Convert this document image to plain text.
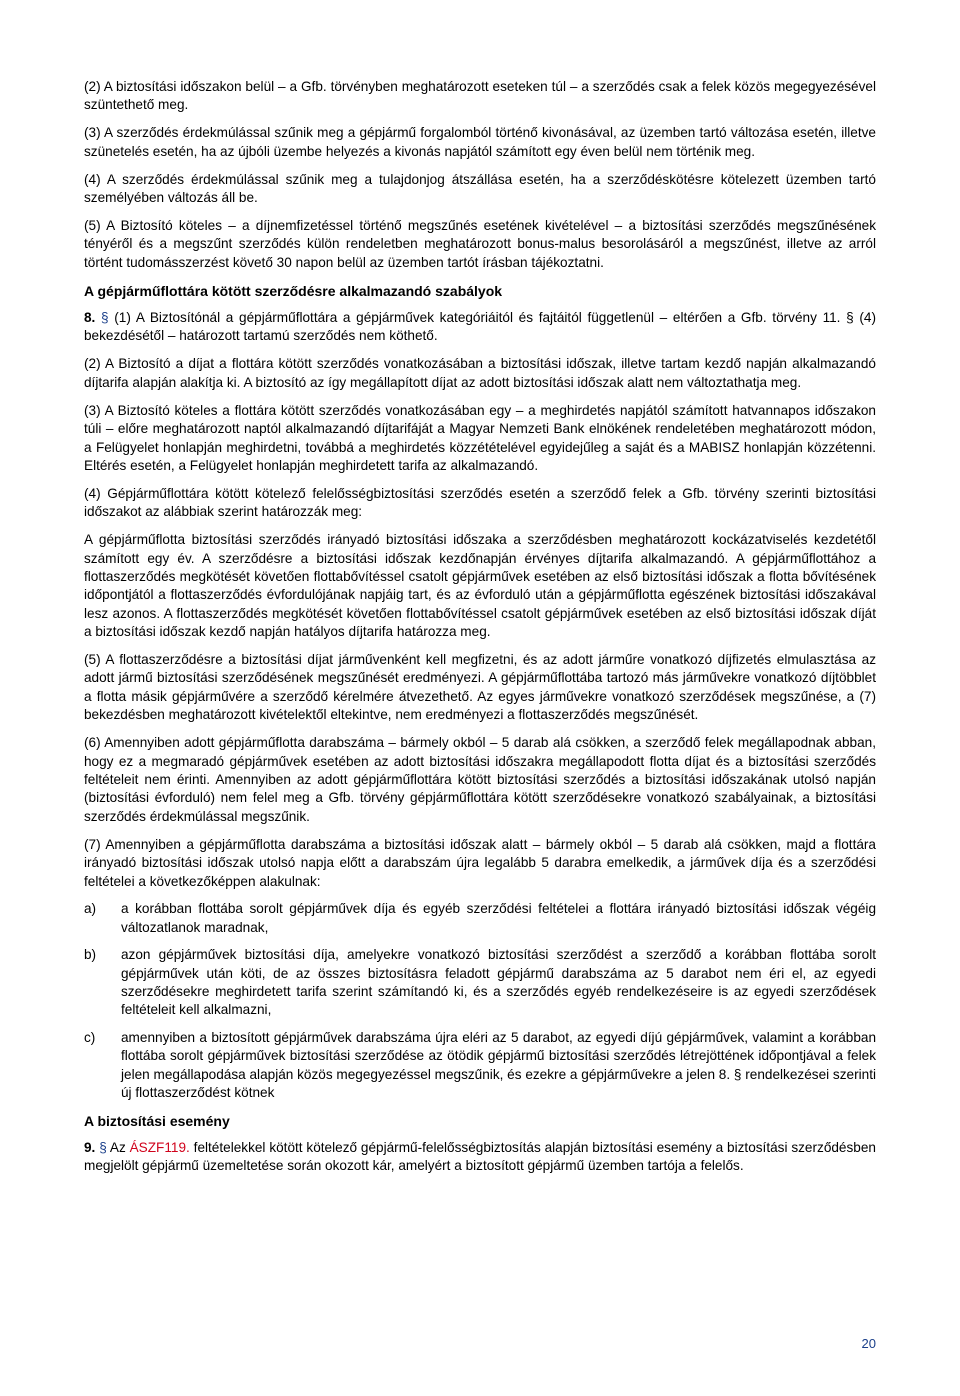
(2) A biztosítási időszakon belül – a Gfb. törvényben meghatározott eseteken túl – a szerződés csak a felek közös megegyezésével szüntethető meg.

(3) A szerződés érdekmúlással szűnik meg a gépjármű forgalomból történő kivonásával, az üzemben tartó változása esetén, illetve szünetelés esetén, ha az újbóli üzembe helyezés a kivonás napjától számított egy éven belül nem történik meg.

(4) A szerződés érdekmúlással szűnik meg a tulajdonjog átszállása esetén, ha a szerződéskötésre kötelezett üzemben tartó személyében változás áll be.

(5) A Biztosító köteles – a díjnemfizetéssel történő megszűnés esetének kivételével – a biztosítási szerződés megszűnésének tényéről és a megszűnt szerződés külön rendeletben meghatározott bonus-malus besorolásáról a megszűnést, illetve az arról történt tudomásszerzést követő 30 napon belül az üzemben tartót írásban tájékoztatni.

A gépjárműflottára kötött szerződésre alkalmazandó szabályok

8. § (1) A Biztosítónál a gépjárműflottára a gépjárművek kategóriáitól és fajtáitól függetlenül – eltérően a Gfb. törvény 11. § (4) bekezdésétől – határozott tartamú szerződés nem köthető.

(2) A Biztosító a díjat a flottára kötött szerződés vonatkozásában a biztosítási időszak, illetve tartam kezdő napján alkalmazandó díjtarifa alapján alakítja ki. A biztosító az így megállapított díjat az adott biztosítási időszak alatt nem változtathatja meg.

(3) A Biztosító köteles a flottára kötött szerződés vonatkozásában egy – a meghirdetés napjától számított hatvannapos időszakon túli – előre meghatározott naptól alkalmazandó díjtarifáját a Magyar Nemzeti Bank elnökének rendeletében meghatározott módon, a Felügyelet honlapján meghirdetni, továbbá a meghirdetés közzétételével egyidejűleg a saját és a MABISZ honlapján közzétenni. Eltérés esetén, a Felügyelet honlapján meghirdetett tarifa az alkalmazandó.

(4) Gépjárműflottára kötött kötelező felelősségbiztosítási szerződés esetén a szerződő felek a Gfb. törvény szerinti biztosítási időszakot az alábbiak szerint határozzák meg:

A gépjárműflotta biztosítási szerződés irányadó biztosítási időszaka a szerződésben meghatározott kockázatviselés kezdetétől számított egy év. A szerződésre a biztosítási időszak kezdőnapján érvényes díjtarifa alkalmazandó. A gépjárműflottához a flottaszerződés megkötését követően flottabővítéssel csatolt gépjárművek esetében az első biztosítási időszak a flotta bővítésének időpontjától a flottaszerződés évfordulójának napjáig tart, és az évforduló után a gépjárműflotta egészének biztosítási időszakával lesz azonos. A flottaszerződés megkötését követően flottabővítéssel csatolt gépjárművek esetében az első biztosítási időszak díját a biztosítási időszak kezdő napján hatályos díjtarifa határozza meg.

(5) A flottaszerződésre a biztosítási díjat járművenként kell megfizetni, és az adott járműre vonatkozó díjfizetés elmulasztása az adott jármű biztosítási szerződésének megszűnését eredményezi. A gépjárműflottába tartozó más járművekre vonatkozó díjtöbblet a flotta másik gépjárművére a szerződő kérelmére átvezethető. Az egyes járművekre vonatkozó szerződések megszűnése, a (7) bekezdésben meghatározott kivételektől eltekintve, nem eredményezi a flottaszerződés megszűnését.

(6) Amennyiben adott gépjárműflotta darabszáma – bármely okból – 5 darab alá csökken, a szerződő felek megállapodnak abban, hogy ez a megmaradó gépjárművek esetében az adott biztosítási időszakra megállapodott flotta díjat és a biztosítási szerződés feltételeit nem érinti. Amennyiben az adott gépjárműflottára kötött biztosítási szerződés a biztosítási időszakának utolsó napján (biztosítási évforduló) nem felel meg a Gfb. törvény gépjárműflottára kötött szerződésekre vonatkozó szabályainak, a biztosítási szerződés érdekmúlással megszűnik.

(7) Amennyiben a gépjárműflotta darabszáma a biztosítási időszak alatt – bármely okból – 5 darab alá csökken, majd a flottára irányadó biztosítási időszak utolsó napja előtt a darabszám újra legalább 5 darabra emelkedik, a járművek díja és a szerződési feltételei a következőképpen alakulnak:

a)	a korábban flottába sorolt gépjárművek díja és egyéb szerződési feltételei a flottára irányadó biztosítási időszak végéig változatlanok maradnak,
b)	azon gépjárművek biztosítási díja, amelyekre vonatkozó biztosítási szerződést a szerződő a korábban flottába sorolt gépjárművek után köti, de az összes biztosításra feladott gépjármű darabszáma az 5 darabot nem éri el, az egyedi szerződésekre meghirdetett tarifa szerint számítandó ki, és a szerződés egyéb rendelkezéseire is az egyedi szerződések feltételeit kell alkalmazni,
c)	amennyiben a biztosított gépjárművek darabszáma újra eléri az 5 darabot, az egyedi díjú gépjárművek, valamint a korábban flottába sorolt gépjárművek biztosítási szerződése az ötödik gépjármű biztosítási szerződés létrejöttének időpontjával a felek jelen megállapodása alapján közös megegyezéssel megszűnik, és ezekre a gépjárművekre a jelen 8. § rendelkezései szerinti új flottaszerződést kötnek
A biztosítási esemény

9. § Az ÁSZF119. feltételekkel kötött kötelező gépjármű-felelősségbiztosítás alapján biztosítási esemény a biztosítási szerződésben megjelölt gépjármű üzemeltetése során okozott kár, amelyért a biztosított gépjármű üzemben tartója a felelős.

20
